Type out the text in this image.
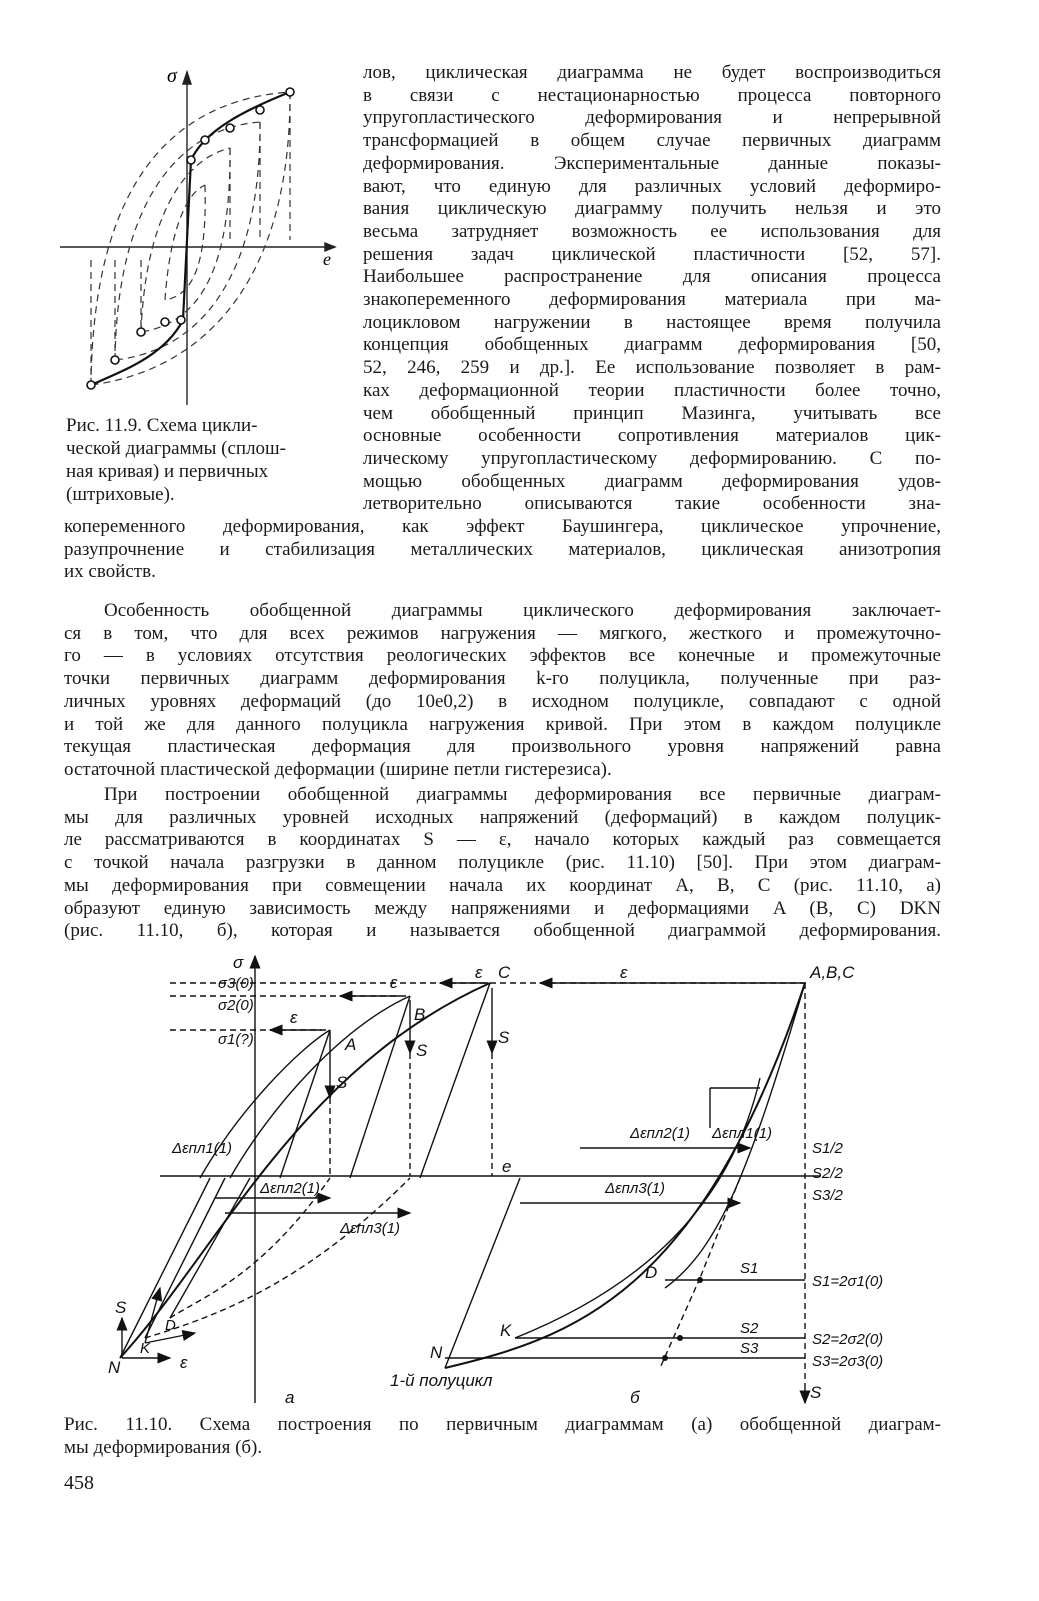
σ
e
Рис. 11.9. Схема цикли-
ческой диаграммы (сплош-
ная кривая) и первичных
(штриховые).
лов, циклическая диаграмма не будет воспроизводиться
в связи с нестационарностью процесса повторного
упругопластического деформирования и непрерывной
трансформацией в общем случае первичных диаграмм
деформирования. Экспериментальные данные показы-
вают, что единую для различных условий деформиро-
вания циклическую диаграмму получить нельзя и это
весьма затрудняет возможность ее использования для
решения задач циклической пластичности [52, 57].
Наибольшее распространение для описания процесса
знакопеременного деформирования материала при ма-
лоцикловом нагружении в настоящее время получила
концепция обобщенных диаграмм деформирования [50,
52, 246, 259 и др.]. Ее использование позволяет в рам-
ках деформационной теории пластичности более точно,
чем обобщенный принцип Мазинга, учитывать все
основные особенности сопротивления материалов цик-
лическому упругопластическому деформированию. С по-
мощью обобщенных диаграмм деформирования удов-
летворительно описываются такие особенности зна-
копеременного деформирования, как эффект Баушингера, циклическое упрочнение,
разупрочнение и стабилизация металлических материалов, циклическая анизотропия
их свойств.
Особенность обобщенной диаграммы циклического деформирования заключает-
ся в том, что для всех режимов нагружения — мягкого, жесткого и промежуточно-
го — в условиях отсутствия реологических эффектов все конечные и промежуточные
точки первичных диаграмм деформирования k-го полуцикла, полученные при раз-
личных уровнях деформаций (до 10e0,2) в исходном полуцикле, совпадают с одной
и той же для данного полуцикла нагружения кривой. При этом в каждом полуцикле
текущая пластическая деформация для произвольного уровня напряжений равна
остаточной пластической деформации (ширине петли гистерезиса).
При построении обобщенной диаграммы деформирования все первичные диаграм-
мы для различных уровней исходных напряжений (деформаций) в каждом полуцик-
ле рассматриваются в координатах S — ε, начало которых каждый раз совмещается
с точкой начала разгрузки в данном полуцикле (рис. 11.10) [50]. При этом диаграм-
мы деформирования при совмещении начала их координат A, B, C (рис. 11.10, a)
образуют единую зависимость между напряжениями и деформациями A (B, C) DKN
(рис. 11.10, б), которая и называется обобщенной диаграммой деформирования.
σ
σ3(0)
σ2(0)
σ1(?)	A
B
C	A,B,C
e
ε
ε
ε
ε
S
S
S
Δεпл1(1)
Δεпл2(1)
Δεпл3(1)
Δεпл1(1)
Δεпл2(1)
Δεпл3(1)
S1/2
S2/2
S3/2
S1
S2
S3
S1=2σ1(0)
S2=2σ2(0)
S3=2σ3(0)
D
K
N
D
K
N
S
ε
S
1-й полуцикл
а	б
Рис. 11.10. Схема построения по первичным диаграммам (а) обобщенной диаграм-
мы деформирования (б).
458
